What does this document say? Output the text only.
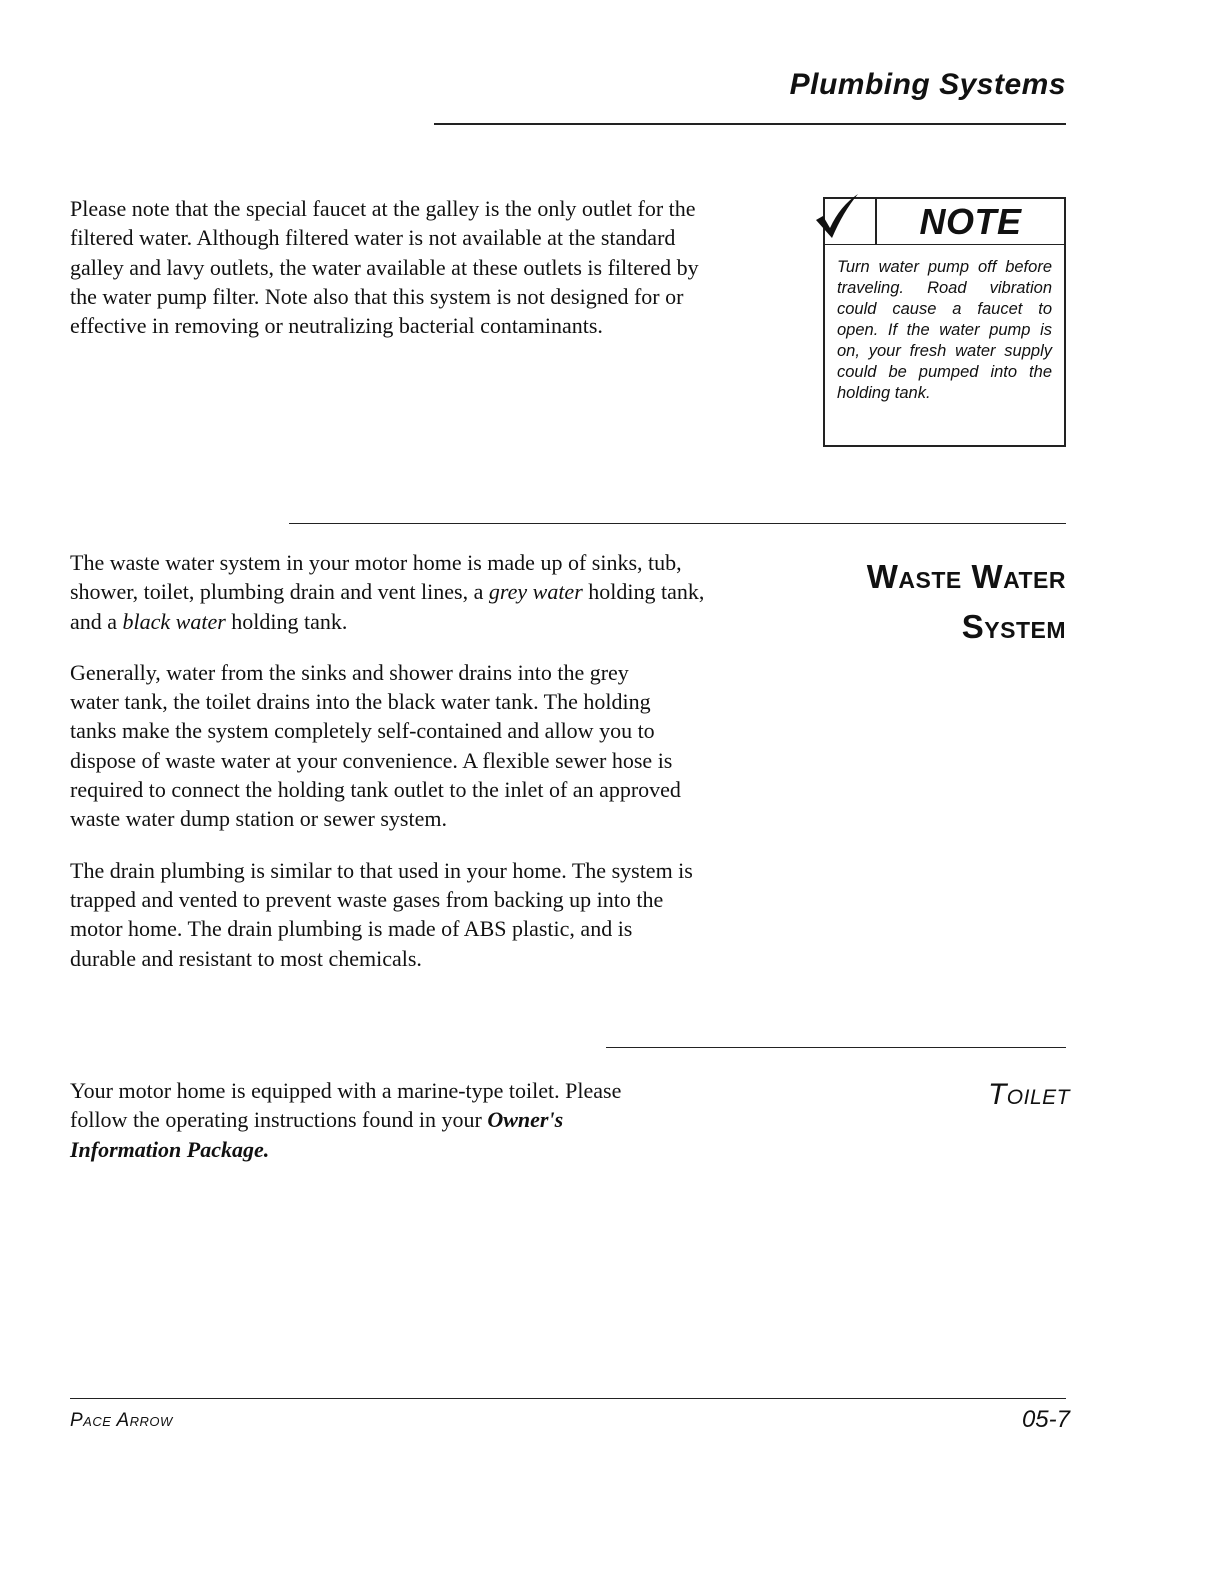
Plumbing Systems

Please note that the special faucet at the galley is the only outlet for the filtered water. Although filtered water is not available at the standard galley and lavy outlets, the water available at these outlets is filtered by the water pump filter. Note also that this system is not designed for or effective in removing or neutralizing bacterial contaminants.

NOTE

Turn water pump off before traveling. Road vibration could cause a faucet to open. If the water pump is on, your fresh water supply could be pumped into the holding tank.

Waste Water
System

The waste water system in your motor home is made up of sinks, tub, shower, toilet, plumbing drain and vent lines, a grey water holding tank, and a black water holding tank.

Generally, water from the sinks and shower drains into the grey water tank, the toilet drains into the black water tank. The holding tanks make the system completely self-contained and allow you to dispose of waste water at your convenience. A flexible sewer hose is required to connect the holding tank outlet to the inlet of an approved waste water dump station or sewer system.

The drain plumbing is similar to that used in your home. The system is trapped and vented to prevent waste gases from backing up into the motor home. The drain plumbing is made of ABS plastic, and is durable and resistant to most chemicals.

Toilet

Your motor home is equipped with a marine-type toilet. Please follow the operating instructions found in your Owner's Information Package.

Pace Arrow	05-7
